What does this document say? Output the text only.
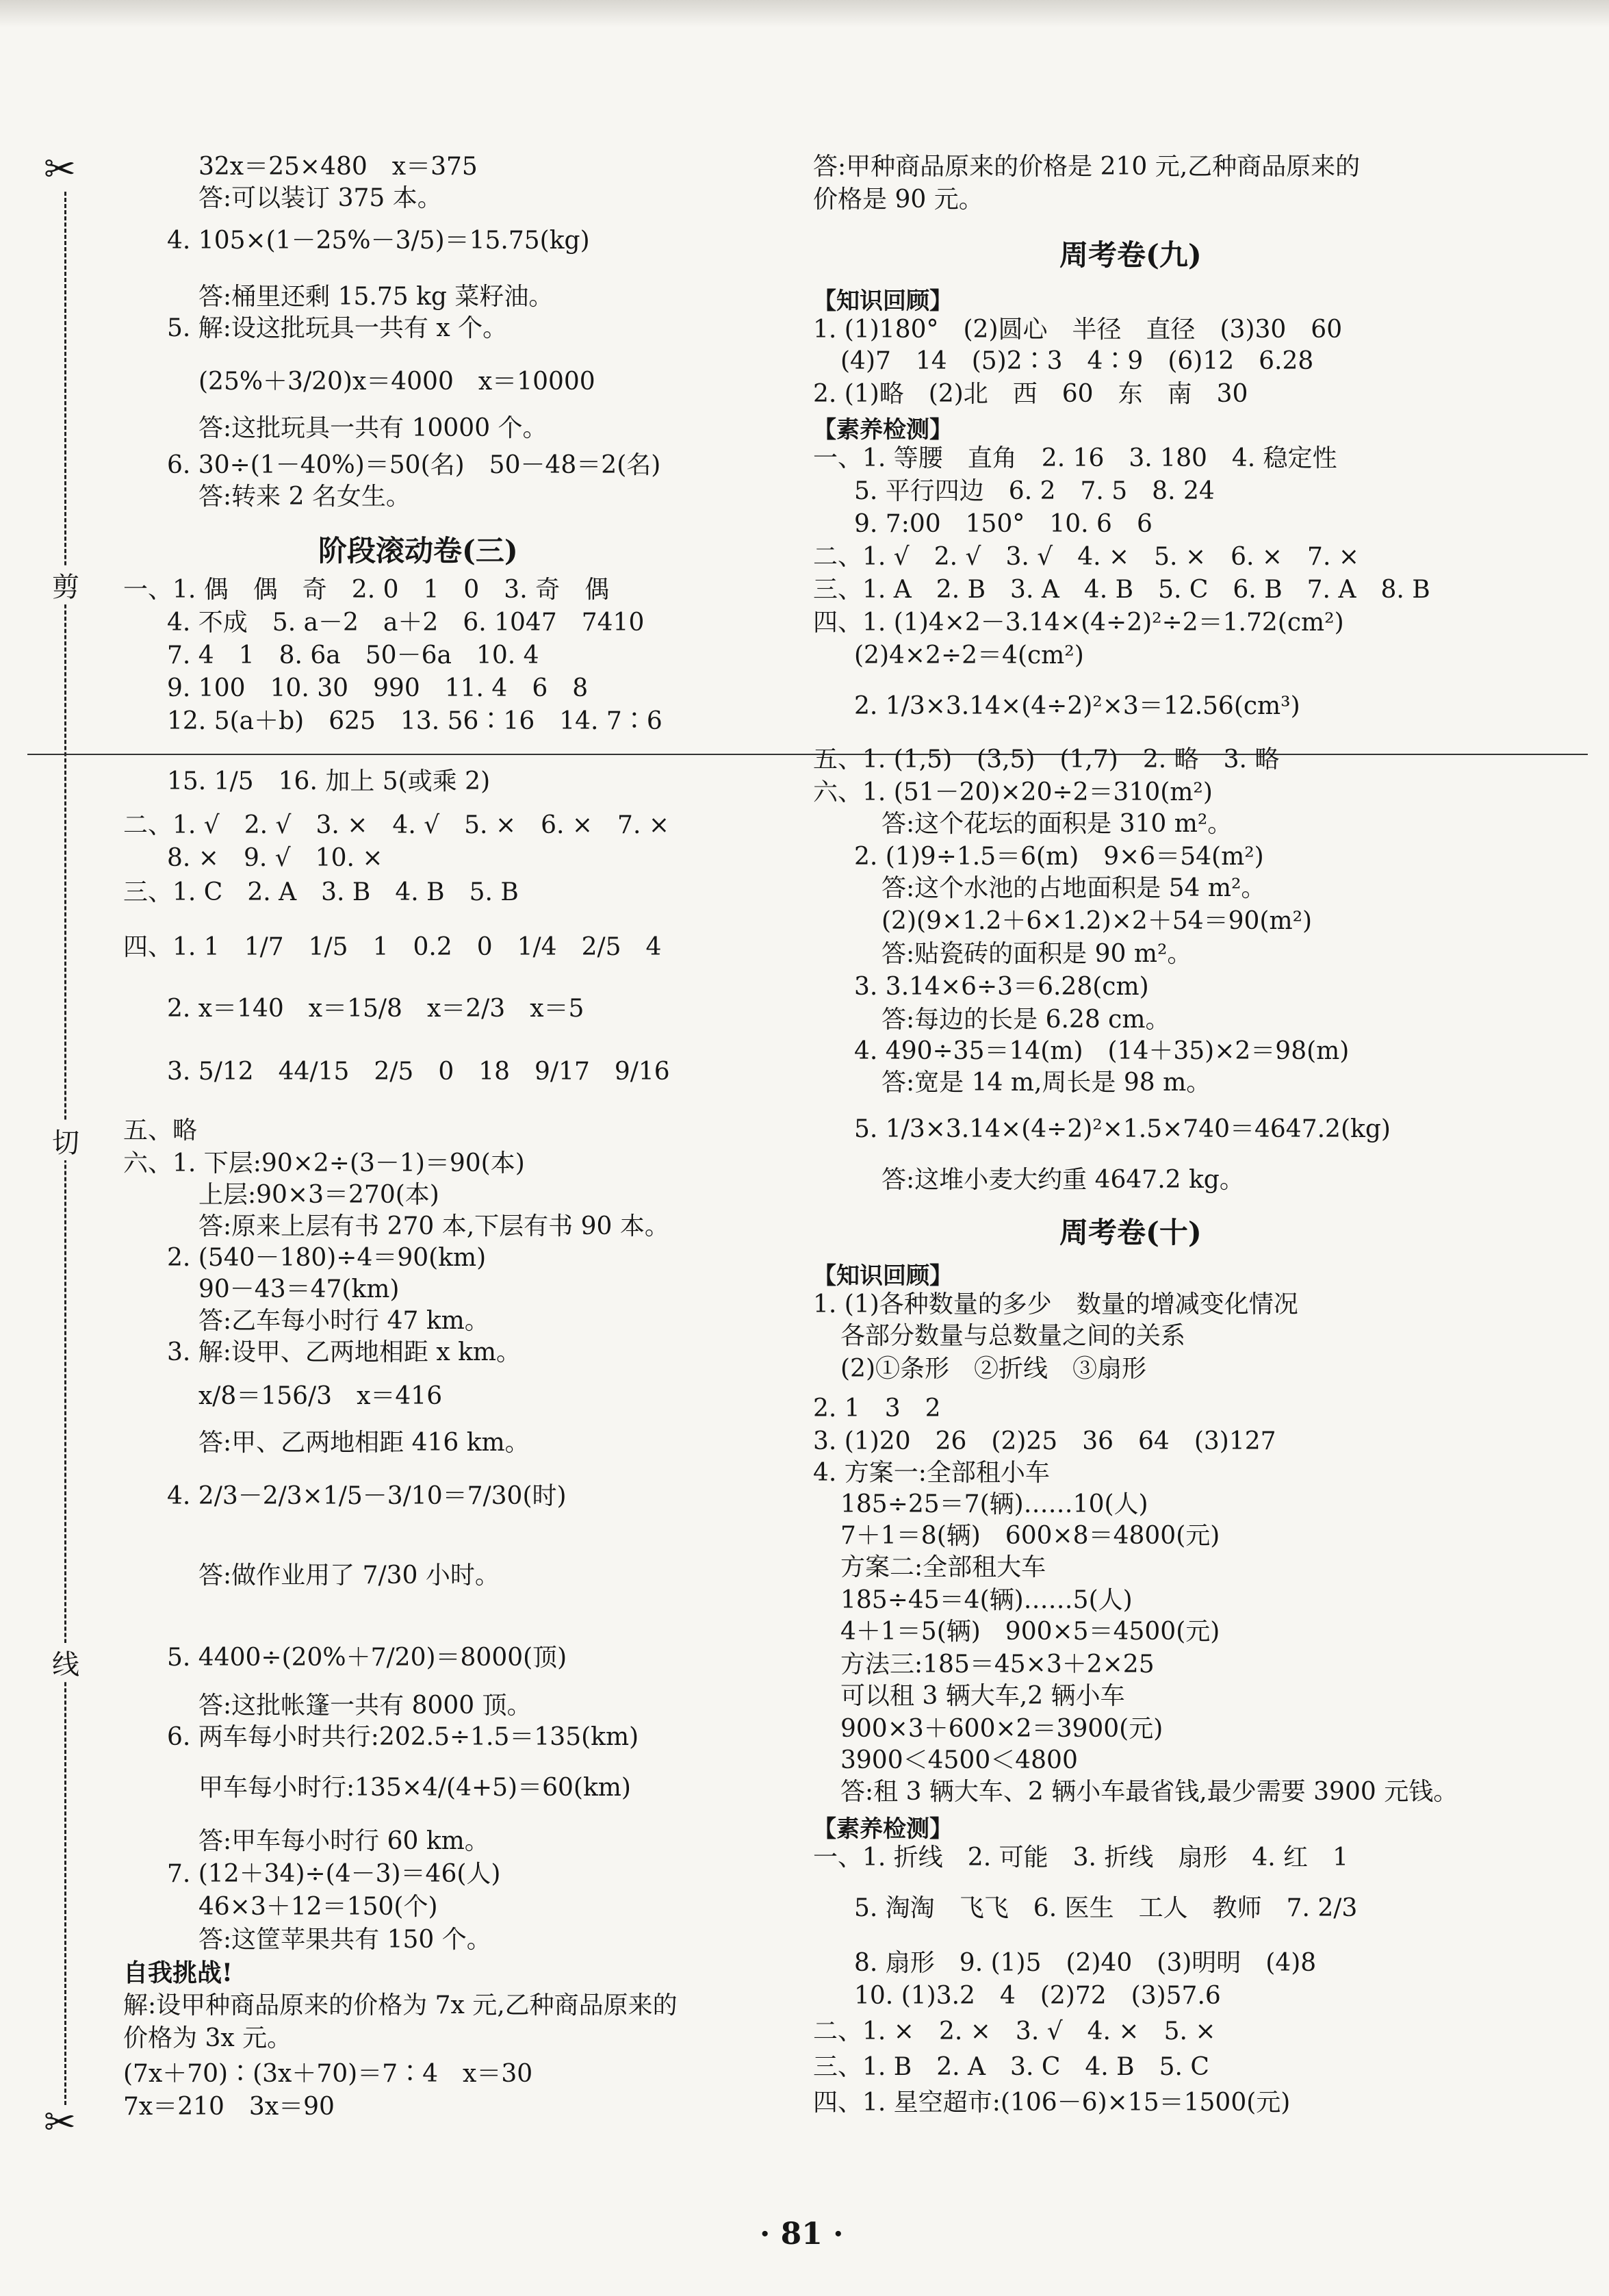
✂
✂
剪
切
线
32x＝25×480　x＝375
答:可以装订 375 本。
4. 105×(1－25%－3/5)＝15.75(kg)
答:桶里还剩 15.75 kg 菜籽油。
5. 解:设这批玩具一共有 x 个。
(25%＋3/20)x＝4000　x＝10000
答:这批玩具一共有 10000 个。
6. 30÷(1－40%)＝50(名)　50－48＝2(名)
答:转来 2 名女生。
阶段滚动卷(三)
一、1. 偶　偶　奇　2. 0　1　0　3. 奇　偶
4. 不成　5. a－2　a＋2　6. 1047　7410
7. 4　1　8. 6a　50－6a　10. 4
9. 100　10. 30　990　11. 4　6　8
12. 5(a＋b)　625　13. 56∶16　14. 7∶6
15. 1/5　16. 加上 5(或乘 2)
二、1. √　2. √　3. ×　4. √　5. ×　6. ×　7. ×
8. ×　9. √　10. ×
三、1. C　2. A　3. B　4. B　5. B
四、1. 1　1/7　1/5　1　0.2　0　1/4　2/5　4
2. x＝140　x＝15/8　x＝2/3　x＝5
3. 5/12　44/15　2/5　0　18　9/17　9/16
五、略
六、1. 下层:90×2÷(3－1)＝90(本)
上层:90×3＝270(本)
答:原来上层有书 270 本,下层有书 90 本。
2. (540－180)÷4＝90(km)
90－43＝47(km)
答:乙车每小时行 47 km。
3. 解:设甲、乙两地相距 x km。
x/8＝156/3　x＝416
答:甲、乙两地相距 416 km。
4. 2/3－2/3×1/5－3/10＝7/30(时)
答:做作业用了 7/30 小时。
5. 4400÷(20%＋7/20)＝8000(顶)
答:这批帐篷一共有 8000 顶。
6. 两车每小时共行:202.5÷1.5＝135(km)
甲车每小时行:135×4/(4+5)＝60(km)
答:甲车每小时行 60 km。
7. (12＋34)÷(4－3)＝46(人)
46×3＋12＝150(个)
答:这筐苹果共有 150 个。
自我挑战!
解:设甲种商品原来的价格为 7x 元,乙种商品原来的
价格为 3x 元。
(7x＋70)∶(3x＋70)＝7∶4　x＝30
7x＝210　3x＝90
答:甲种商品原来的价格是 210 元,乙种商品原来的
价格是 90 元。
周考卷(九)
【知识回顾】
1. (1)180°　(2)圆心　半径　直径　(3)30　60
(4)7　14　(5)2∶3　4∶9　(6)12　6.28
2. (1)略　(2)北　西　60　东　南　30
【素养检测】
一、1. 等腰　直角　2. 16　3. 180　4. 稳定性
5. 平行四边　6. 2　7. 5　8. 24
9. 7:00　150°　10. 6　6
二、1. √　2. √　3. √　4. ×　5. ×　6. ×　7. ×
三、1. A　2. B　3. A　4. B　5. C　6. B　7. A　8. B
四、1. (1)4×2－3.14×(4÷2)²÷2＝1.72(cm²)
(2)4×2÷2＝4(cm²)
2. 1/3×3.14×(4÷2)²×3＝12.56(cm³)
五、1. (1,5)　(3,5)　(1,7)　2. 略　3. 略
六、1. (51－20)×20÷2＝310(m²)
答:这个花坛的面积是 310 m²。
2. (1)9÷1.5＝6(m)　9×6＝54(m²)
答:这个水池的占地面积是 54 m²。
(2)(9×1.2＋6×1.2)×2＋54＝90(m²)
答:贴瓷砖的面积是 90 m²。
3. 3.14×6÷3＝6.28(cm)
答:每边的长是 6.28 cm。
4. 490÷35＝14(m)　(14＋35)×2＝98(m)
答:宽是 14 m,周长是 98 m。
5. 1/3×3.14×(4÷2)²×1.5×740＝4647.2(kg)
答:这堆小麦大约重 4647.2 kg。
周考卷(十)
【知识回顾】
1. (1)各种数量的多少　数量的增减变化情况
各部分数量与总数量之间的关系
(2)①条形　②折线　③扇形
2. 1　3　2
3. (1)20　26　(2)25　36　64　(3)127
4. 方案一:全部租小车
185÷25＝7(辆)……10(人)
7＋1＝8(辆)　600×8＝4800(元)
方案二:全部租大车
185÷45＝4(辆)……5(人)
4＋1＝5(辆)　900×5＝4500(元)
方法三:185＝45×3＋2×25
可以租 3 辆大车,2 辆小车
900×3＋600×2＝3900(元)
3900＜4500＜4800
答:租 3 辆大车、2 辆小车最省钱,最少需要 3900 元钱。
【素养检测】
一、1. 折线　2. 可能　3. 折线　扇形　4. 红　1
5. 淘淘　飞飞　6. 医生　工人　教师　7. 2/3
8. 扇形　9. (1)5　(2)40　(3)明明　(4)8
10. (1)3.2　4　(2)72　(3)57.6
二、1. ×　2. ×　3. √　4. ×　5. ×
三、1. B　2. A　3. C　4. B　5. C
四、1. 星空超市:(106－6)×15＝1500(元)
· 81 ·
